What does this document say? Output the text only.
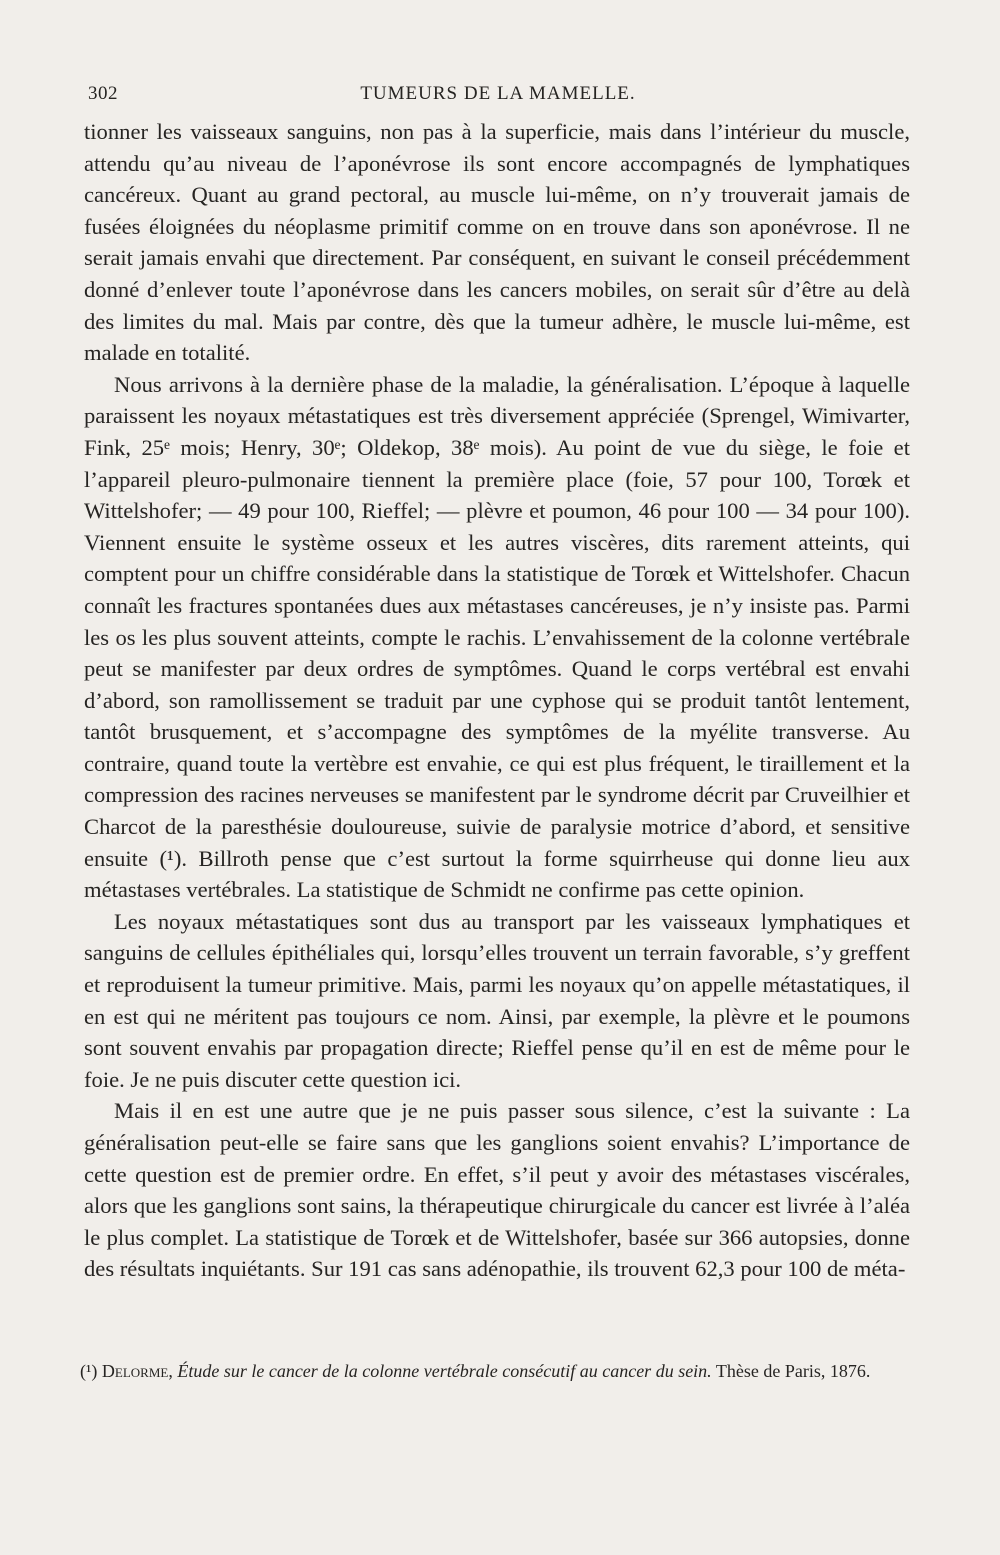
302	TUMEURS DE LA MAMELLE.

tionner les vaisseaux sanguins, non pas à la superficie, mais dans l’intérieur du muscle, attendu qu’au niveau de l’aponévrose ils sont encore accompagnés de lymphatiques cancéreux. Quant au grand pectoral, au muscle lui-même, on n’y trouverait jamais de fusées éloignées du néoplasme primitif comme on en trouve dans son aponévrose. Il ne serait jamais envahi que directement. Par conséquent, en suivant le conseil précédemment donné d’enlever toute l’aponévrose dans les cancers mobiles, on serait sûr d’être au delà des limites du mal. Mais par contre, dès que la tumeur adhère, le muscle lui-même, est malade en totalité.

Nous arrivons à la dernière phase de la maladie, la généralisation. L’époque à laquelle paraissent les noyaux métastatiques est très diversement appréciée (Sprengel, Wimivarter, Fink, 25ᵉ mois; Henry, 30ᵉ; Oldekop, 38ᵉ mois). Au point de vue du siège, le foie et l’appareil pleuro-pulmonaire tiennent la première place (foie, 57 pour 100, Torœk et Wittelshofer; — 49 pour 100, Rieffel; — plèvre et poumon, 46 pour 100 — 34 pour 100). Viennent ensuite le système osseux et les autres viscères, dits rarement atteints, qui comptent pour un chiffre considérable dans la statistique de Torœk et Wittelshofer. Chacun connaît les fractures spontanées dues aux métastases cancéreuses, je n’y insiste pas. Parmi les os les plus souvent atteints, compte le rachis. L’envahissement de la colonne vertébrale peut se manifester par deux ordres de symptômes. Quand le corps vertébral est envahi d’abord, son ramollissement se traduit par une cyphose qui se produit tantôt lentement, tantôt brusquement, et s’accompagne des symptômes de la myélite transverse. Au contraire, quand toute la vertèbre est envahie, ce qui est plus fréquent, le tiraillement et la compression des racines nerveuses se manifestent par le syndrome décrit par Cruveilhier et Charcot de la paresthésie douloureuse, suivie de paralysie motrice d’abord, et sensitive ensuite (¹). Billroth pense que c’est surtout la forme squirrheuse qui donne lieu aux métastases vertébrales. La statistique de Schmidt ne confirme pas cette opinion.

Les noyaux métastatiques sont dus au transport par les vaisseaux lymphatiques et sanguins de cellules épithéliales qui, lorsqu’elles trouvent un terrain favorable, s’y greffent et reproduisent la tumeur primitive. Mais, parmi les noyaux qu’on appelle métastatiques, il en est qui ne méritent pas toujours ce nom. Ainsi, par exemple, la plèvre et le poumons sont souvent envahis par propagation directe; Rieffel pense qu’il en est de même pour le foie. Je ne puis discuter cette question ici.

Mais il en est une autre que je ne puis passer sous silence, c’est la suivante : La généralisation peut-elle se faire sans que les ganglions soient envahis? L’importance de cette question est de premier ordre. En effet, s’il peut y avoir des métastases viscérales, alors que les ganglions sont sains, la thérapeutique chirurgicale du cancer est livrée à l’aléa le plus complet. La statistique de Torœk et de Wittelshofer, basée sur 366 autopsies, donne des résultats inquiétants. Sur 191 cas sans adénopathie, ils trouvent 62,3 pour 100 de méta-

(¹) Delorme, Étude sur le cancer de la colonne vertébrale consécutif au cancer du sein. Thèse de Paris, 1876.
